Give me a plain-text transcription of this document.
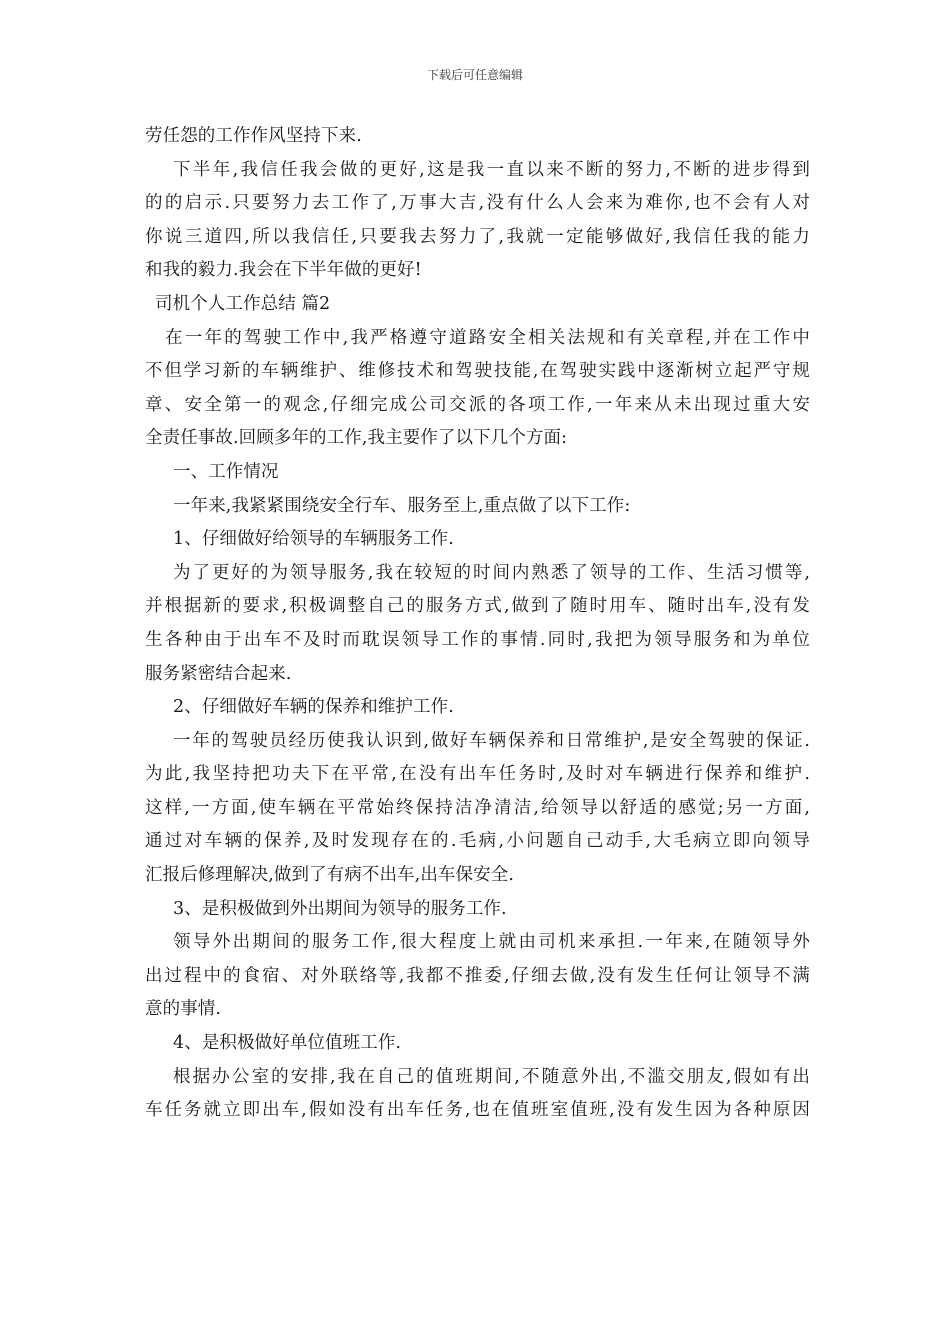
下载后可任意编辑
劳任怨的工作作风坚持下来.
下半年,我信任我会做的更好,这是我一直以来不断的努力,不断的进步得到
的的启示.只要努力去工作了,万事大吉,没有什么人会来为难你,也不会有人对
你说三道四,所以我信任,只要我去努力了,我就一定能够做好,我信任我的能力
和我的毅力.我会在下半年做的更好!
司机个人工作总结 篇2
在一年的驾驶工作中,我严格遵守道路安全相关法规和有关章程,并在工作中
不但学习新的车辆维护、维修技术和驾驶技能,在驾驶实践中逐渐树立起严守规
章、安全第一的观念,仔细完成公司交派的各项工作,一年来从未出现过重大安
全责任事故.回顾多年的工作,我主要作了以下几个方面:
一、工作情况
一年来,我紧紧围绕安全行车、服务至上,重点做了以下工作:
1、仔细做好给领导的车辆服务工作.
为了更好的为领导服务,我在较短的时间内熟悉了领导的工作、生活习惯等,
并根据新的要求,积极调整自己的服务方式,做到了随时用车、随时出车,没有发
生各种由于出车不及时而耽误领导工作的事情.同时,我把为领导服务和为单位
服务紧密结合起来.
2、仔细做好车辆的保养和维护工作.
一年的驾驶员经历使我认识到,做好车辆保养和日常维护,是安全驾驶的保证.
为此,我坚持把功夫下在平常,在没有出车任务时,及时对车辆进行保养和维护.
这样,一方面,使车辆在平常始终保持洁净清洁,给领导以舒适的感觉;另一方面,
通过对车辆的保养,及时发现存在的.毛病,小问题自己动手,大毛病立即向领导
汇报后修理解决,做到了有病不出车,出车保安全.
3、是积极做到外出期间为领导的服务工作.
领导外出期间的服务工作,很大程度上就由司机来承担.一年来,在随领导外
出过程中的食宿、对外联络等,我都不推委,仔细去做,没有发生任何让领导不满
意的事情.
4、是积极做好单位值班工作.
根据办公室的安排,我在自己的值班期间,不随意外出,不滥交朋友,假如有出
车任务就立即出车,假如没有出车任务,也在值班室值班,没有发生因为各种原因
